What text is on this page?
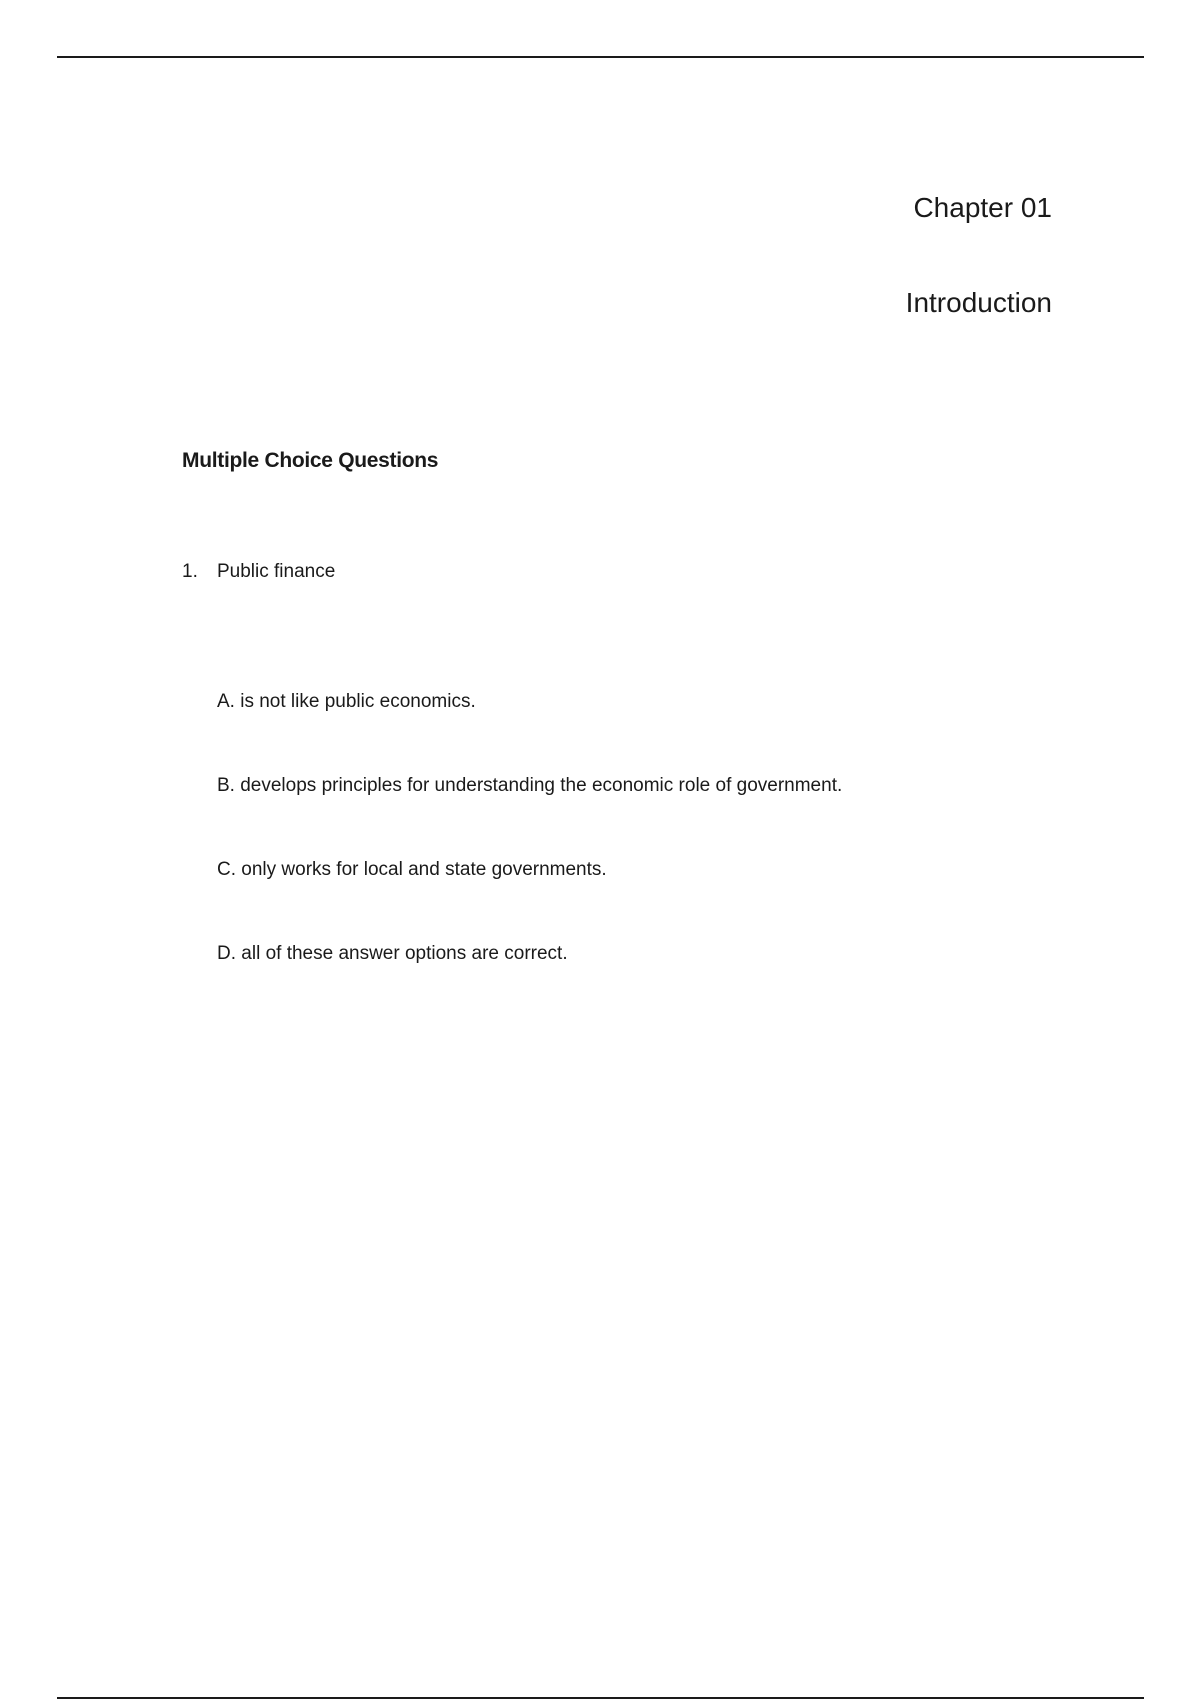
Chapter 01
Introduction
Multiple Choice Questions
1. Public finance
A. is not like public economics.
B. develops principles for understanding the economic role of government.
C. only works for local and state governments.
D. all of these answer options are correct.
